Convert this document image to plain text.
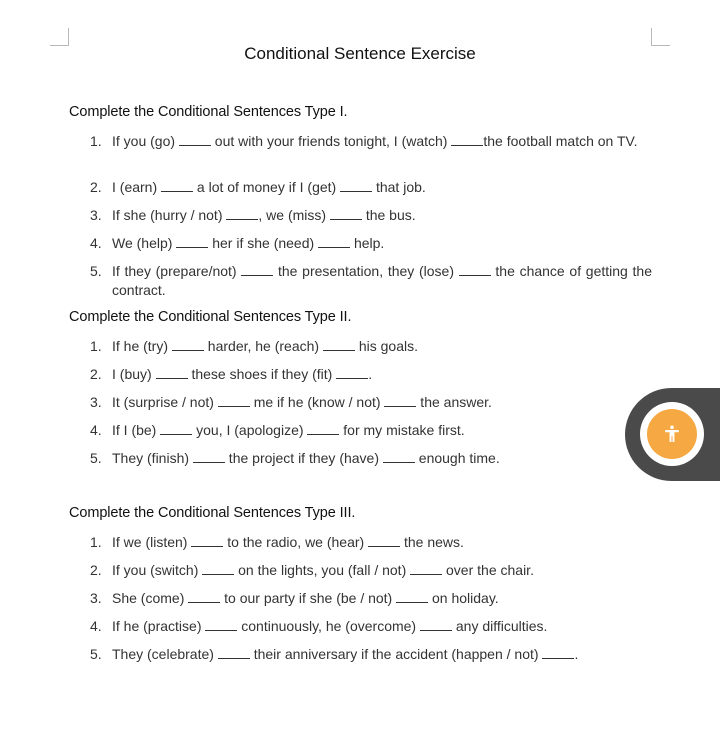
Conditional Sentence Exercise
Complete the Conditional Sentences Type I.
1. If you (go)  out with your friends tonight, I (watch) the football match on TV.
2. I (earn)  a lot of money if I (get)  that job.
3. If she (hurry / not) , we (miss)  the bus.
4. We (help)  her if she (need)  help.
5. If they (prepare/not)  the presentation, they (lose)  the chance of getting the contract.
Complete the Conditional Sentences Type II.
1. If he (try)  harder, he (reach)  his goals.
2. I (buy)  these shoes if they (fit) .
3. It (surprise / not)  me if he (know / not)  the answer.
4. If I (be)  you, I (apologize)  for my mistake first.
5. They (finish)  the project if they (have)  enough time.
Complete the Conditional Sentences Type III.
1. If we (listen)  to the radio, we (hear)  the news.
2. If you (switch)  on the lights, you (fall / not)  over the chair.
3. She (come)  to our party if she (be / not)  on holiday.
4. If he (practise)  continuously, he (overcome)  any difficulties.
5. They (celebrate)  their anniversary if the accident (happen / not) .
